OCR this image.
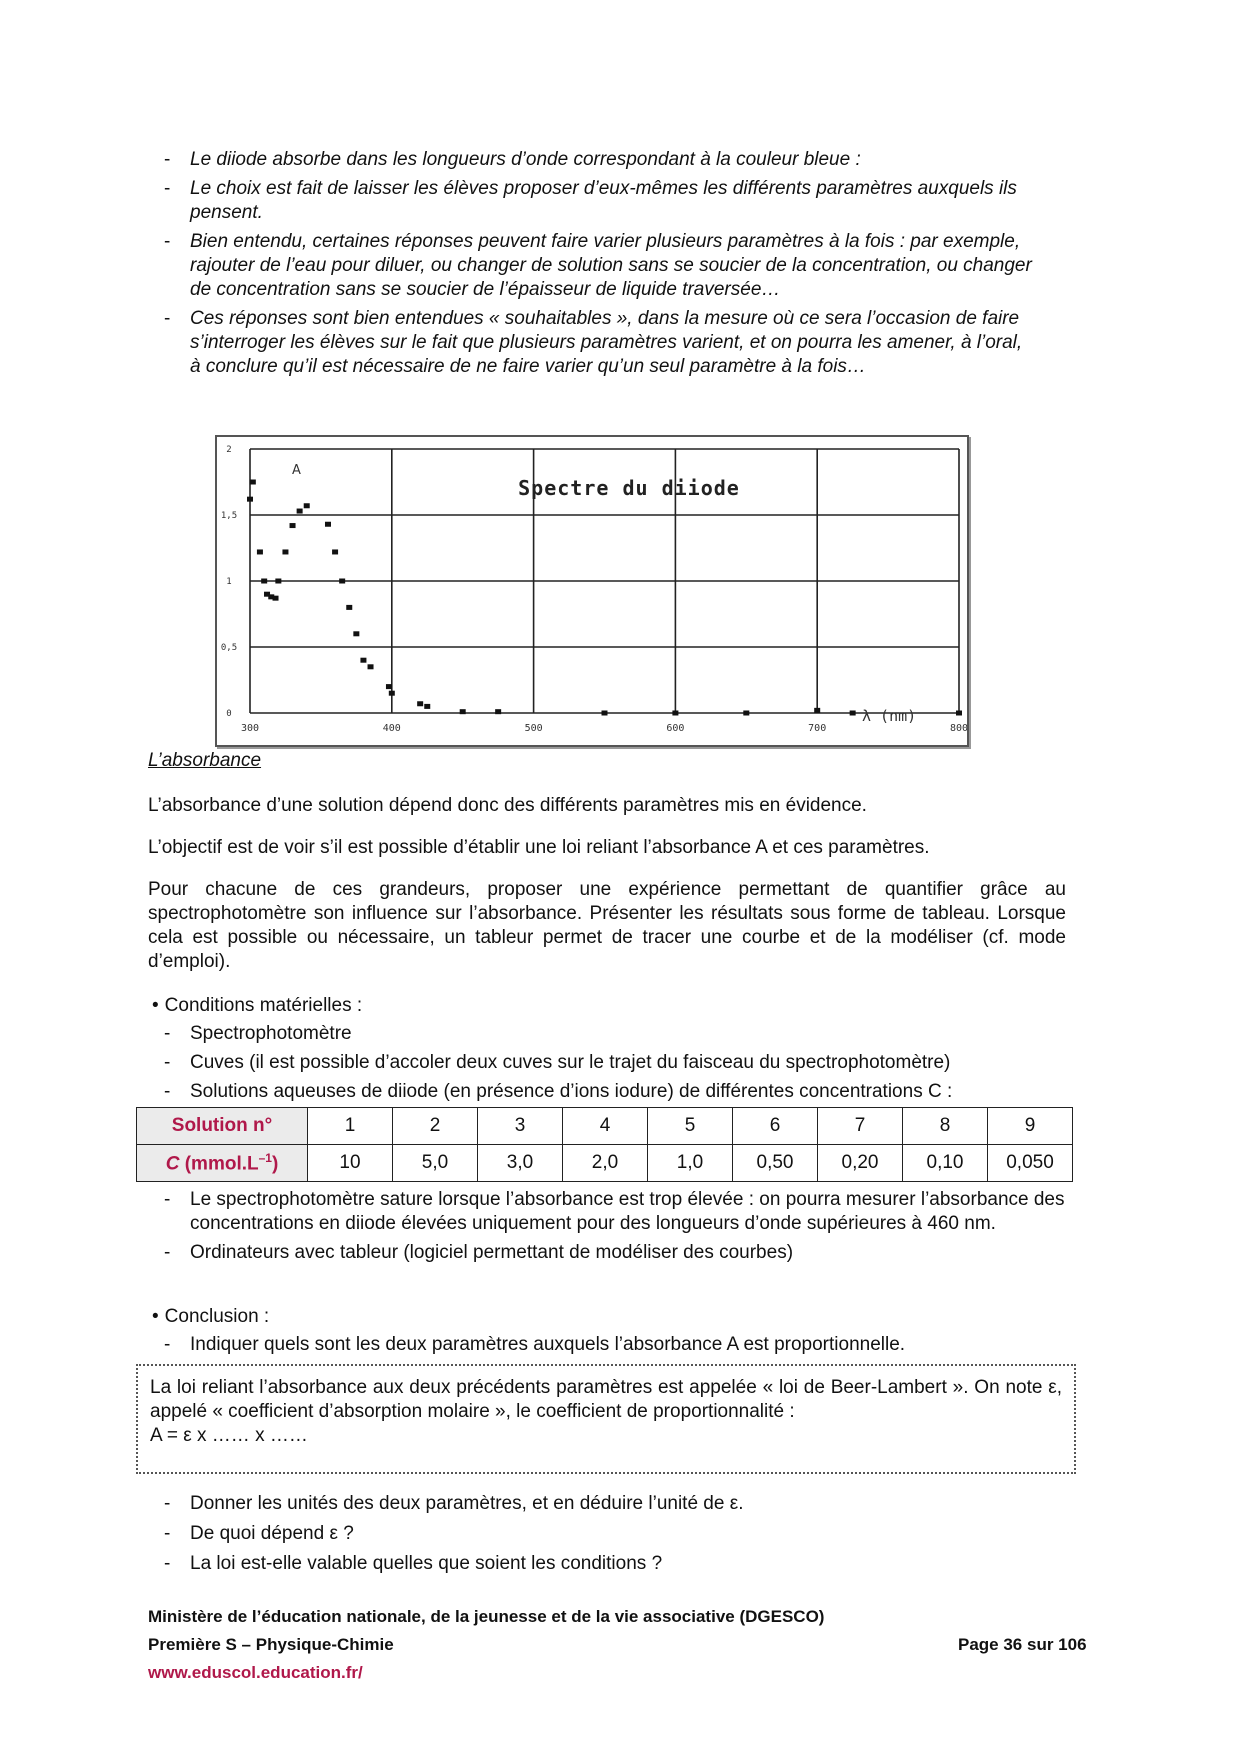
- Le diiode absorbe dans les longueurs d’onde correspondant à la couleur bleue :
- Le choix est fait de laisser les élèves proposer d’eux-mêmes les différents paramètres auxquels ils pensent.
- Bien entendu, certaines réponses peuvent faire varier plusieurs paramètres à la fois : par exemple, rajouter de l’eau pour diluer, ou changer de solution sans se soucier de la concentration, ou changer de concentration sans se soucier de l’épaisseur de liquide traversée…
- Ces réponses sont bien entendues « souhaitables », dans la mesure où ce sera l’occasion de faire s’interroger les élèves sur le fait que plusieurs paramètres varient, et on pourra les amener, à l’oral, à conclure qu’il est nécessaire de ne faire varier qu’un seul paramètre à la fois…
300	400	500	600	700	800
0
0,5
1
1,5
2
Spectre du diiode
A
λ (nm)
L’absorbance

L’absorbance d’une solution dépend donc des différents paramètres mis en évidence.

L’objectif est de voir s’il est possible d’établir une loi reliant l’absorbance A et ces paramètres.

Pour chacune de ces grandeurs, proposer une expérience permettant de quantifier grâce au spectrophotomètre son influence sur l’absorbance. Présenter les résultats sous forme de tableau. Lorsque cela est possible ou nécessaire, un tableur permet de tracer une courbe et de la modéliser (cf. mode d’emploi).

• Conditions matérielles :
- Spectrophotomètre
- Cuves (il est possible d’accoler deux cuves sur le trajet du faisceau du spectrophotomètre)
- Solutions aqueuses de diiode (en présence d’ions iodure) de différentes concentrations C :
Solution n°	1	2	3	4	5	6	7	8	9
C $(mmol.L^{-1})$	10	5,0	3,0	2,0	1,0	0,50	0,20	0,10	0,050
- Le spectrophotomètre sature lorsque l’absorbance est trop élevée : on pourra mesurer l’absorbance des concentrations en diiode élevées uniquement pour des longueurs d’onde supérieures à 460 nm.
- Ordinateurs avec tableur (logiciel permettant de modéliser des courbes)
• Conclusion :
- Indiquer quels sont les deux paramètres auxquels l’absorbance A est proportionnelle.

La loi reliant l’absorbance aux deux précédents paramètres est appelée « loi de Beer-Lambert ». On note ε, appelé « coefficient d’absorption molaire », le coefficient de proportionnalité :

A = ε x …… x ……

- Donner les unités des deux paramètres, et en déduire l’unité de ε.
- De quoi dépend ε ?
- La loi est-elle valable quelles que soient les conditions ?
Ministère de l’éducation nationale, de la jeunesse et de la vie associative (DGESCO)
Première S – Physique-Chimie	Page 36 sur 106
www.eduscol.education.fr/
